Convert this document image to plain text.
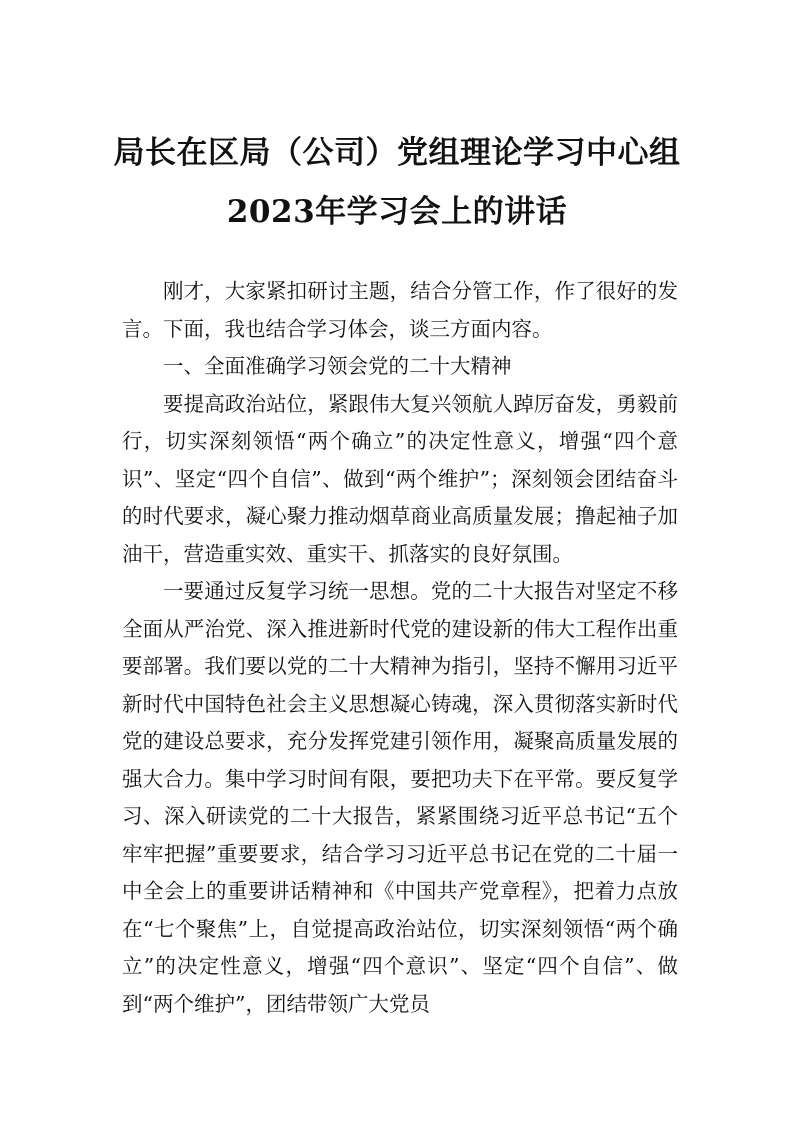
局长在区局（公司）党组理论学习中心组
2023年学习会上的讲话

刚才，大家紧扣研讨主题，结合分管工作，作了很好的发言。下面，我也结合学习体会，谈三方面内容。

一、全面准确学习领会党的二十大精神

要提高政治站位，紧跟伟大复兴领航人踔厉奋发，勇毅前行，切实深刻领悟“两个确立”的决定性意义，增强“四个意识”、坚定“四个自信”、做到“两个维护”；深刻领会团结奋斗的时代要求，凝心聚力推动烟草商业高质量发展；撸起袖子加油干，营造重实效、重实干、抓落实的良好氛围。

一要通过反复学习统一思想。党的二十大报告对坚定不移全面从严治党、深入推进新时代党的建设新的伟大工程作出重要部署。我们要以党的二十大精神为指引，坚持不懈用习近平新时代中国特色社会主义思想凝心铸魂，深入贯彻落实新时代党的建设总要求，充分发挥党建引领作用，凝聚高质量发展的强大合力。集中学习时间有限，要把功夫下在平常。要反复学习、深入研读党的二十大报告，紧紧围绕习近平总书记“五个牢牢把握”重要要求，结合学习习近平总书记在党的二十届一中全会上的重要讲话精神和《中国共产党章程》，把着力点放在“七个聚焦”上，自觉提高政治站位，切实深刻领悟“两个确立”的决定性意义，增强“四个意识”、坚定“四个自信”、做到“两个维护”，团结带领广大党员
